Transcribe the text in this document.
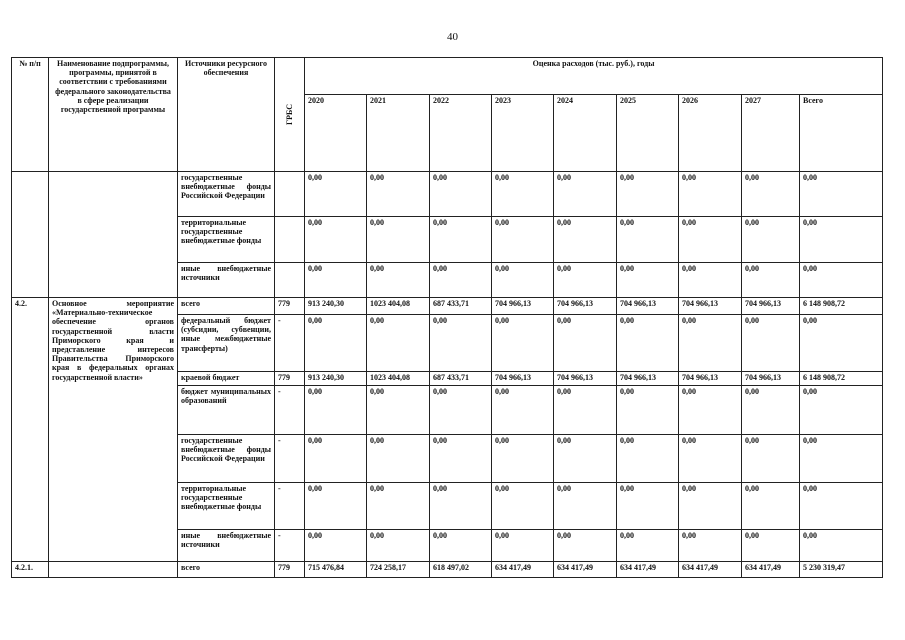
40
№ п/п	Наименование подпрограммы, программы, принятой в соответствии с требованиями федерального законодательства в сфере реализации государственной программы	Источники ресурсного обеспечения	ГРБС	Оценка расходов (тыс. руб.), годы								
				2020	2021	2022	2023	2024	2025	2026	2027	Всего
		государственные внебюджетные фонды Российской Федерации		0,00	0,00	0,00	0,00	0,00	0,00	0,00	0,00	0,00
		территориальные государственные внебюджетные фонды		0,00	0,00	0,00	0,00	0,00	0,00	0,00	0,00	0,00
		иные внебюджетные источники		0,00	0,00	0,00	0,00	0,00	0,00	0,00	0,00	0,00
4.2.	Основное мероприятие «Материально-техническое обеспечение органов государственной власти Приморского края и представление интересов Правительства Приморского края в федеральных органах государственной власти»	всего	779	913 240,30	1023 404,08	687 433,71	704 966,13	704 966,13	704 966,13	704 966,13	704 966,13	6 148 908,72
		федеральный бюджет (субсидии, субвенции, иные межбюджетные трансферты)	-	0,00	0,00	0,00	0,00	0,00	0,00	0,00	0,00	0,00
		краевой бюджет	779	913 240,30	1023 404,08	687 433,71	704 966,13	704 966,13	704 966,13	704 966,13	704 966,13	6 148 908,72
		бюджет муниципальных образований	-	0,00	0,00	0,00	0,00	0,00	0,00	0,00	0,00	0,00
		государственные внебюджетные фонды Российской Федерации	-	0,00	0,00	0,00	0,00	0,00	0,00	0,00	0,00	0,00
		территориальные государственные внебюджетные фонды	-	0,00	0,00	0,00	0,00	0,00	0,00	0,00	0,00	0,00
		иные внебюджетные источники	-	0,00	0,00	0,00	0,00	0,00	0,00	0,00	0,00	0,00
4.2.1.		всего	779	715 476,84	724 258,17	618 497,02	634 417,49	634 417,49	634 417,49	634 417,49	634 417,49	5 230 319,47
